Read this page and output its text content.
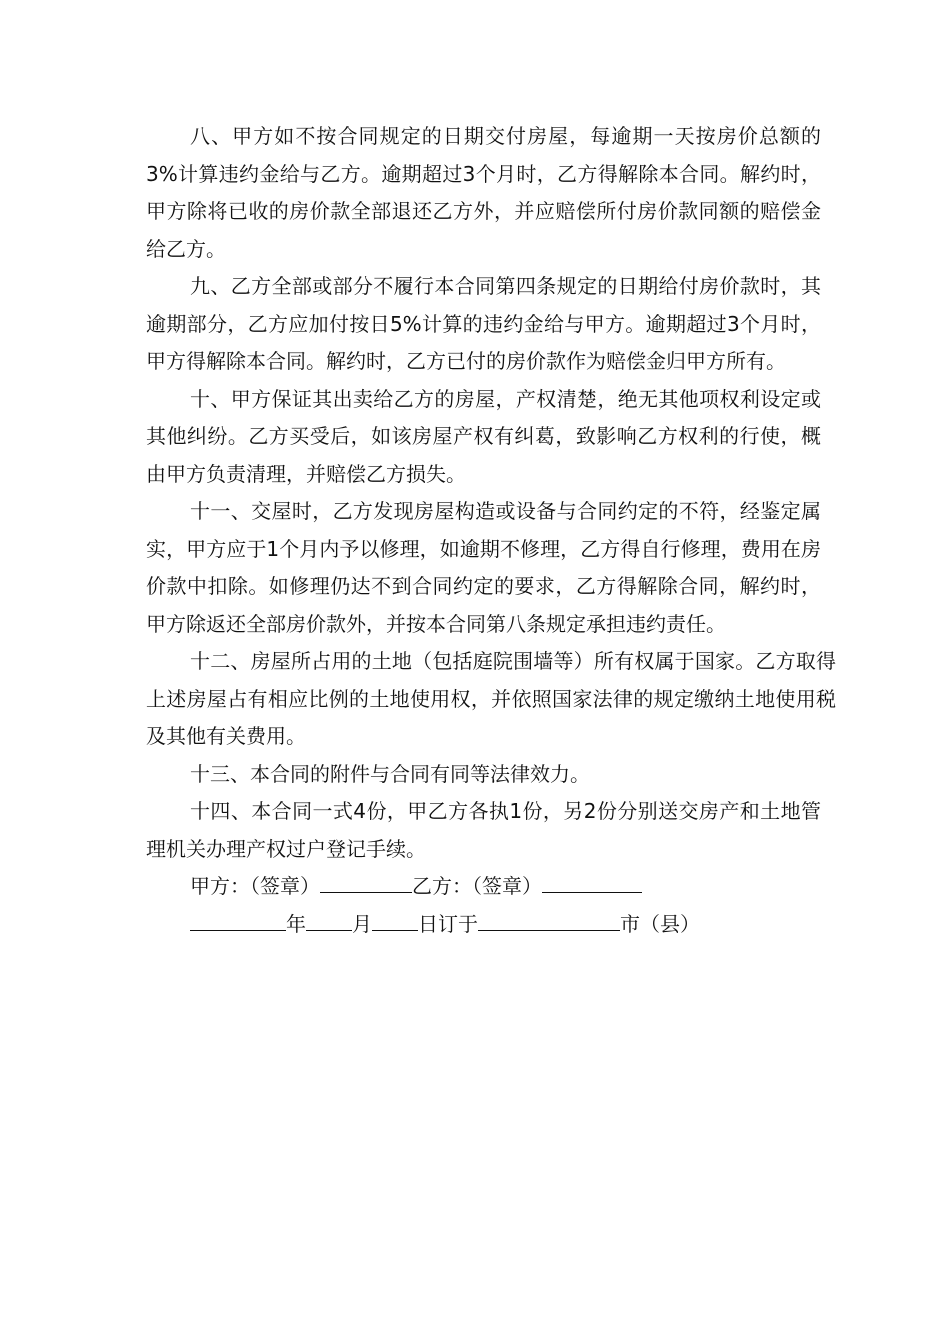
八、甲方如不按合同规定的日期交付房屋，每逾期一天按房价总额的3%计算违约金给与乙方。逾期超过3个月时，乙方得解除本合同。解约时，甲方除将已收的房价款全部退还乙方外，并应赔偿所付房价款同额的赔偿金给乙方。

九、乙方全部或部分不履行本合同第四条规定的日期给付房价款时，其逾期部分，乙方应加付按日5%计算的违约金给与甲方。逾期超过3个月时，甲方得解除本合同。解约时，乙方已付的房价款作为赔偿金归甲方所有。

十、甲方保证其出卖给乙方的房屋，产权清楚，绝无其他项权利设定或其他纠纷。乙方买受后，如该房屋产权有纠葛，致影响乙方权利的行使，概由甲方负责清理，并赔偿乙方损失。

十一、交屋时，乙方发现房屋构造或设备与合同约定的不符，经鉴定属实，甲方应于1个月内予以修理，如逾期不修理，乙方得自行修理，费用在房价款中扣除。如修理仍达不到合同约定的要求，乙方得解除合同，解约时，甲方除返还全部房价款外，并按本合同第八条规定承担违约责任。

十二、房屋所占用的土地（包括庭院围墙等）所有权属于国家。乙方取得上述房屋占有相应比例的土地使用权，并依照国家法律的规定缴纳土地使用税及其他有关费用。

十三、本合同的附件与合同有同等法律效力。

十四、本合同一式4份，甲乙方各执1份，另2份分别送交房产和土地管理机关办理产权过户登记手续。

甲方：（签章）	乙方：（签章）

年 月 日订于	市（县）
